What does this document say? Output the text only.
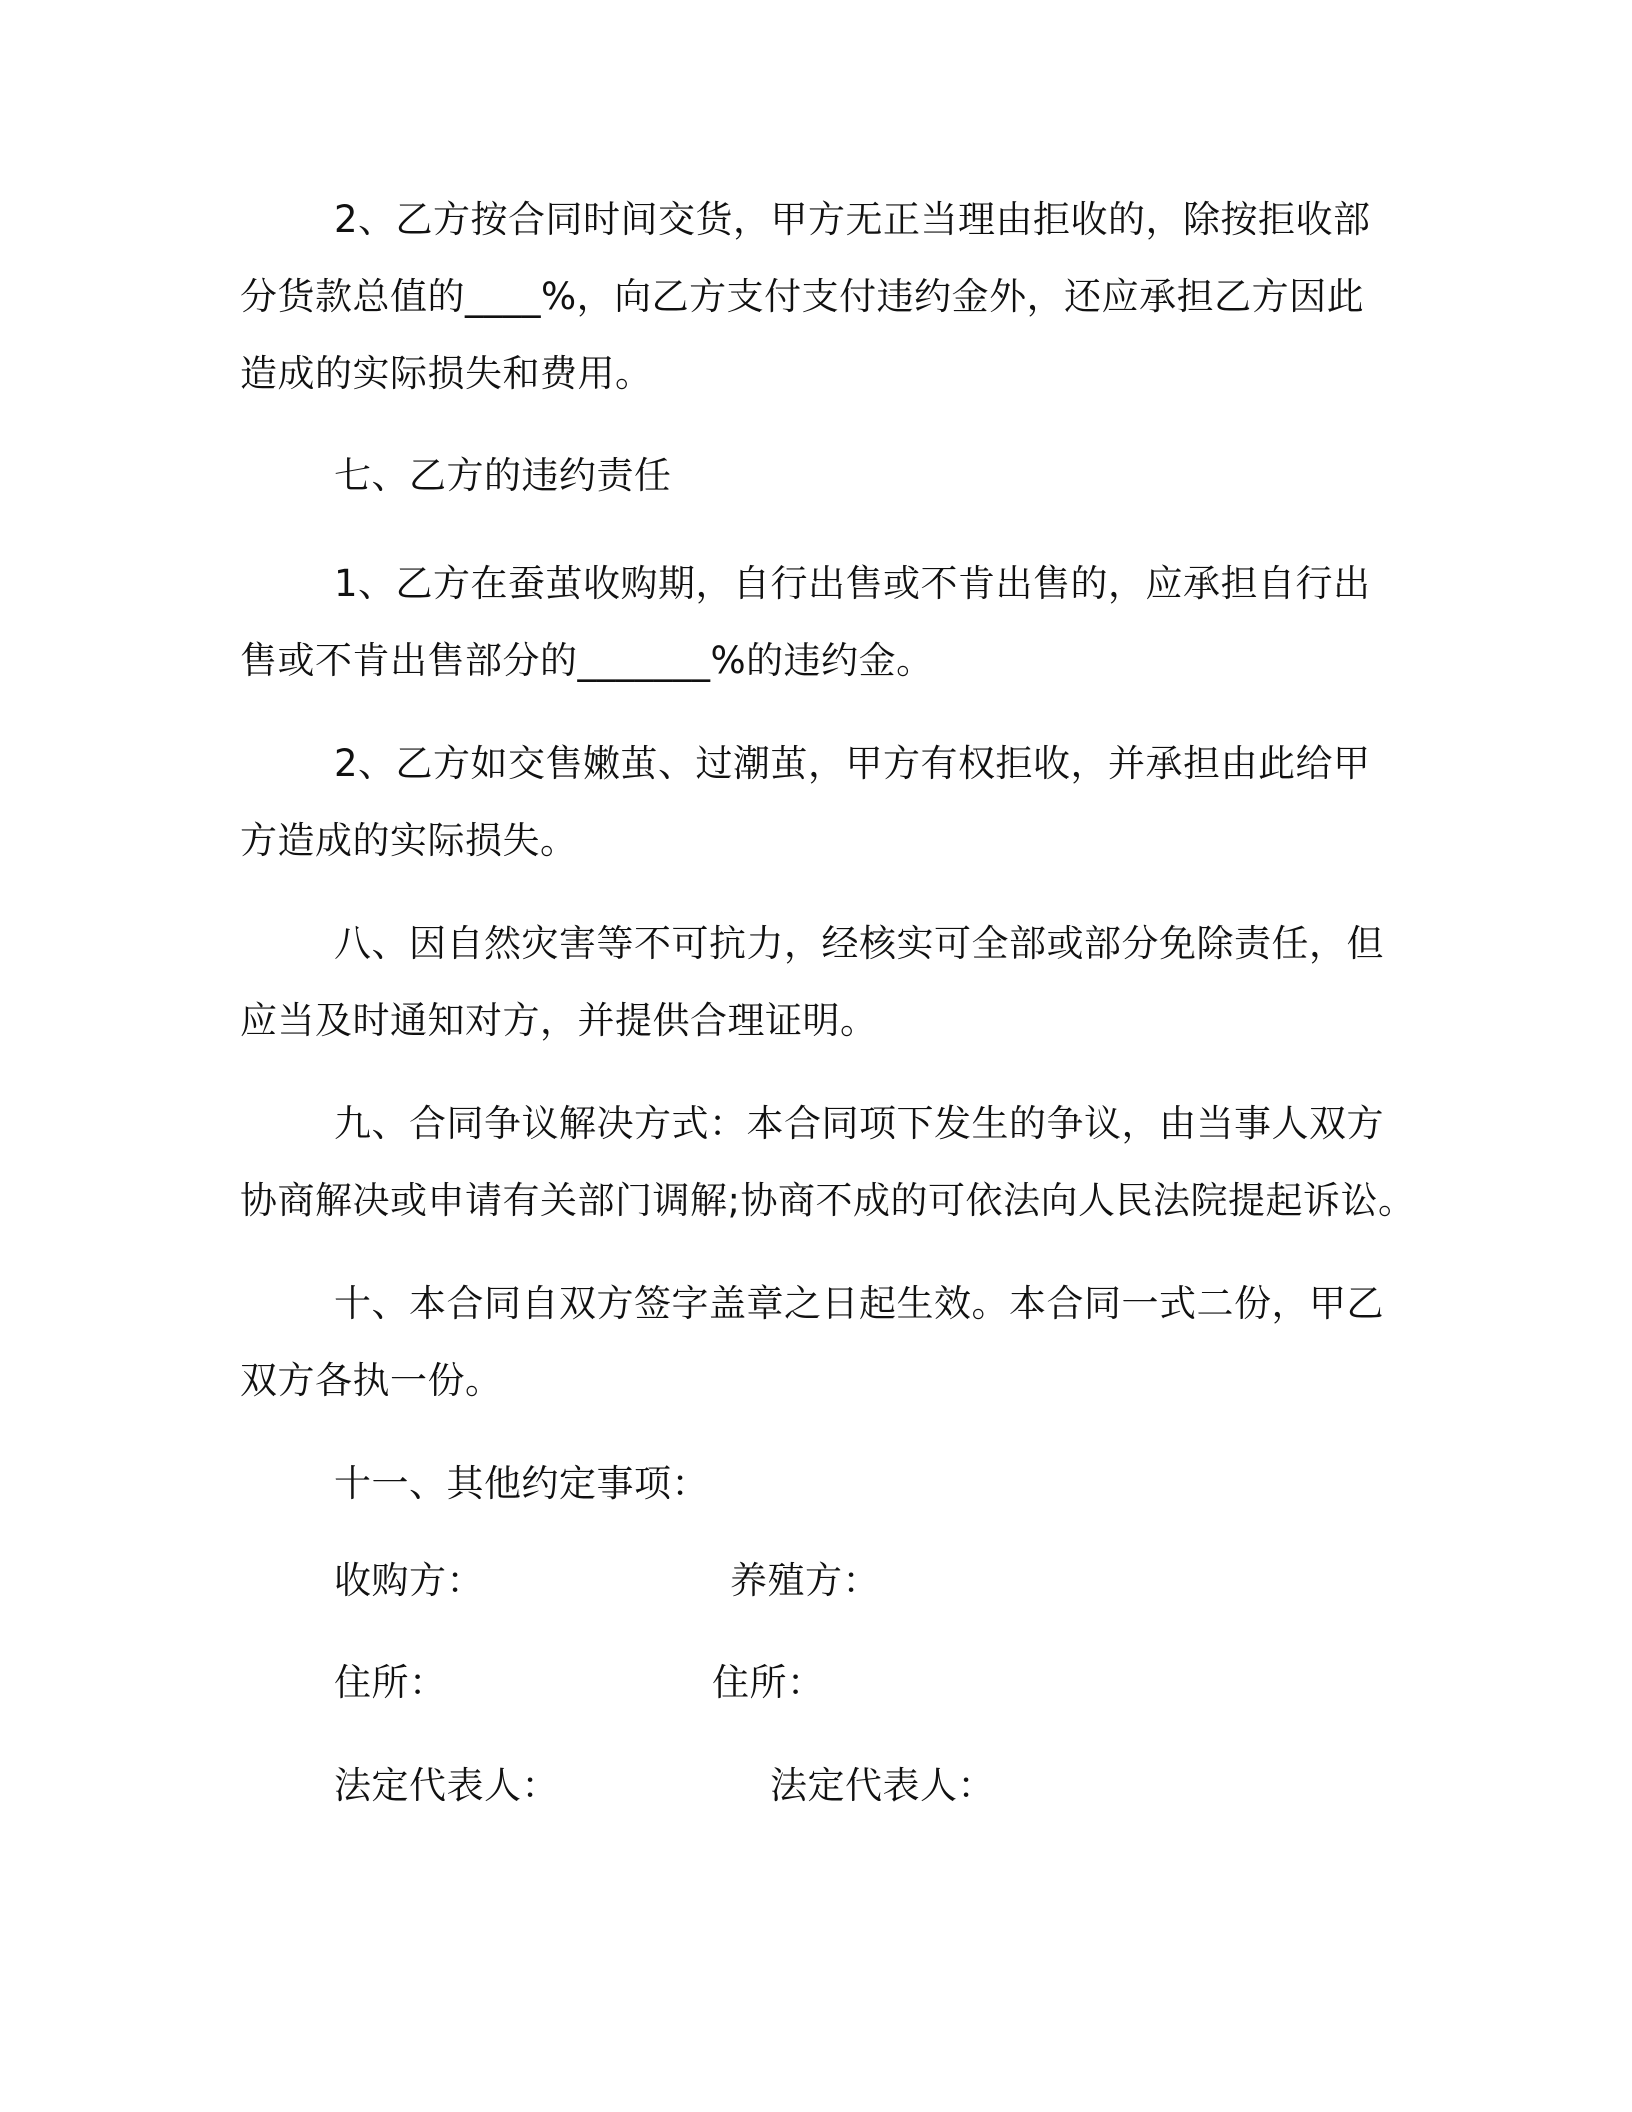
2、乙方按合同时间交货，甲方无正当理由拒收的，除按拒收部
分货款总值的____%，向乙方支付支付违约金外，还应承担乙方因此
造成的实际损失和费用。
七、乙方的违约责任
1、乙方在蚕茧收购期，自行出售或不肯出售的，应承担自行出
售或不肯出售部分的_______%的违约金。
2、乙方如交售嫩茧、过潮茧，甲方有权拒收，并承担由此给甲
方造成的实际损失。
八、因自然灾害等不可抗力，经核实可全部或部分免除责任，但
应当及时通知对方，并提供合理证明。
九、合同争议解决方式：本合同项下发生的争议，由当事人双方
协商解决或申请有关部门调解;协商不成的可依法向人民法院提起诉讼。
十、本合同自双方签字盖章之日起生效。本合同一式二份，甲乙
双方各执一份。
十一、其他约定事项：
收购方：	养殖方：
住所：	住所：
法定代表人：	法定代表人：
